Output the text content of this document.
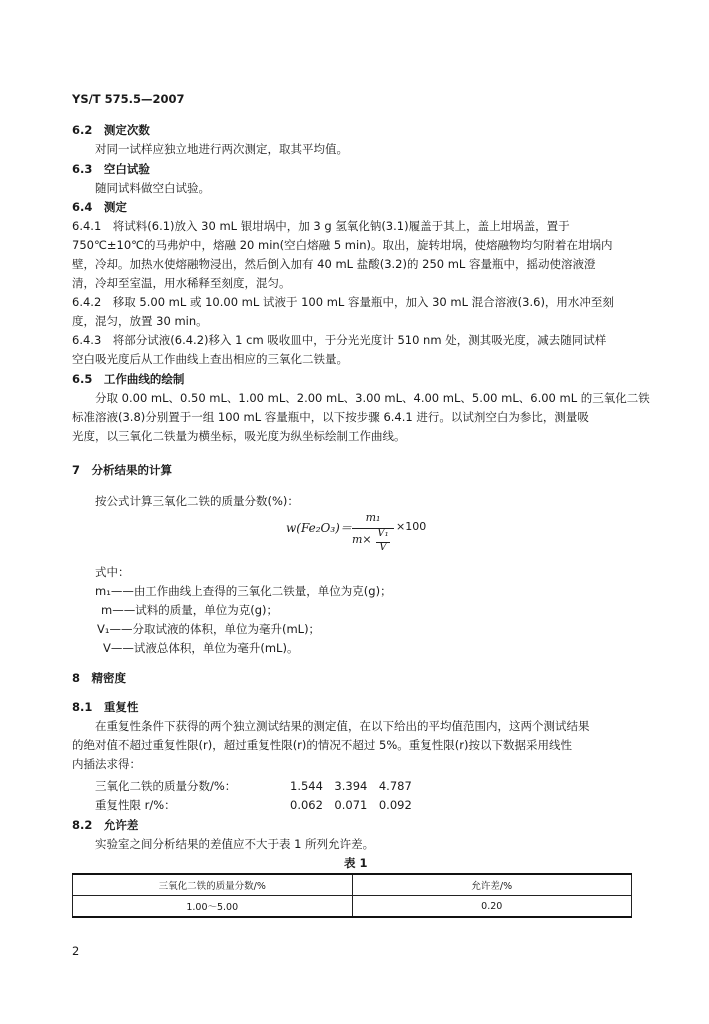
YS/T 575.5—2007
6.2　测定次数
对同一试样应独立地进行两次测定，取其平均值。
6.3　空白试验
随同试料做空白试验。
6.4　测定
6.4.1　将试料(6.1)放入 30 mL 银坩埚中，加 3 g 氢氧化钠(3.1)履盖于其上，盖上坩埚盖，置于
750℃±10℃的马弗炉中，熔融 20 min(空白熔融 5 min)。取出，旋转坩埚，使熔融物均匀附着在坩埚内
壁，冷却。加热水使熔融物浸出，然后倒入加有 40 mL 盐酸(3.2)的 250 mL 容量瓶中，摇动使溶液澄
清，冷却至室温，用水稀释至刻度，混匀。
6.4.2　移取 5.00 mL 或 10.00 mL 试液于 100 mL 容量瓶中，加入 30 mL 混合溶液(3.6)，用水冲至刻
度，混匀，放置 30 min。
6.4.3　将部分试液(6.4.2)移入 1 cm 吸收皿中，于分光光度计 510 nm 处，测其吸光度，减去随同试样
空白吸光度后从工作曲线上查出相应的三氧化二铁量。
6.5　工作曲线的绘制
分取 0.00 mL、0.50 mL、1.00 mL、2.00 mL、3.00 mL、4.00 mL、5.00 mL、6.00 mL 的三氧化二铁
标准溶液(3.8)分别置于一组 100 mL 容量瓶中，以下按步骤 6.4.1 进行。以试剂空白为参比，测量吸
光度，以三氧化二铁量为横坐标，吸光度为纵坐标绘制工作曲线。
7　分析结果的计算
按公式计算三氧化二铁的质量分数(%)：
w(Fe₂O₃)＝
m₁
m× V₁
V
×100
式中：
m₁——由工作曲线上查得的三氧化二铁量，单位为克(g)；
m——试料的质量，单位为克(g)；
V₁——分取试液的体积，单位为毫升(mL)；
V——试液总体积，单位为毫升(mL)。
8　精密度
8.1　重复性
在重复性条件下获得的两个独立测试结果的测定值，在以下给出的平均值范围内，这两个测试结果
的绝对值不超过重复性限(r)，超过重复性限(r)的情况不超过 5%。重复性限(r)按以下数据采用线性
内插法求得：
三氧化二铁的质量分数/%：	1.544　3.394　4.787
重复性限 r/%：	0.062　0.071　0.092
8.2　允许差
实验室之间分析结果的差值应不大于表 1 所列允许差。
表 1
三氧化二铁的质量分数/%	允许差/%
1.00～5.00	0.20
2
